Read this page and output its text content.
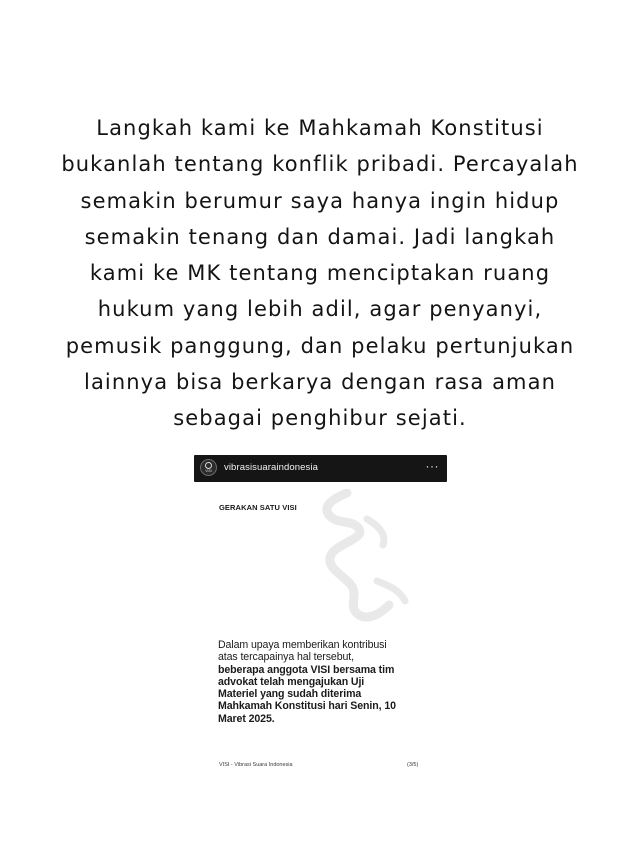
Langkah kami ke Mahkamah Konstitusi
bukanlah tentang konflik pribadi. Percayalah
semakin berumur saya hanya ingin hidup
semakin tenang dan damai. Jadi langkah
kami ke MK tentang menciptakan ruang
hukum yang lebih adil, agar penyanyi,
pemusik panggung, dan pelaku pertunjukan
lainnya bisa berkarya dengan rasa aman
sebagai penghibur sejati.
VISI	vibrasisuaraindonesia	···
GERAKAN SATU VISI
Dalam upaya memberikan kontribusi atas tercapainya hal tersebut, beberapa anggota VISI bersama tim advokat telah mengajukan Uji Materiel yang sudah diterima Mahkamah Konstitusi hari Senin, 10 Maret 2025.
VISI - Vibrasi Suara Indonesia	(3/5)
